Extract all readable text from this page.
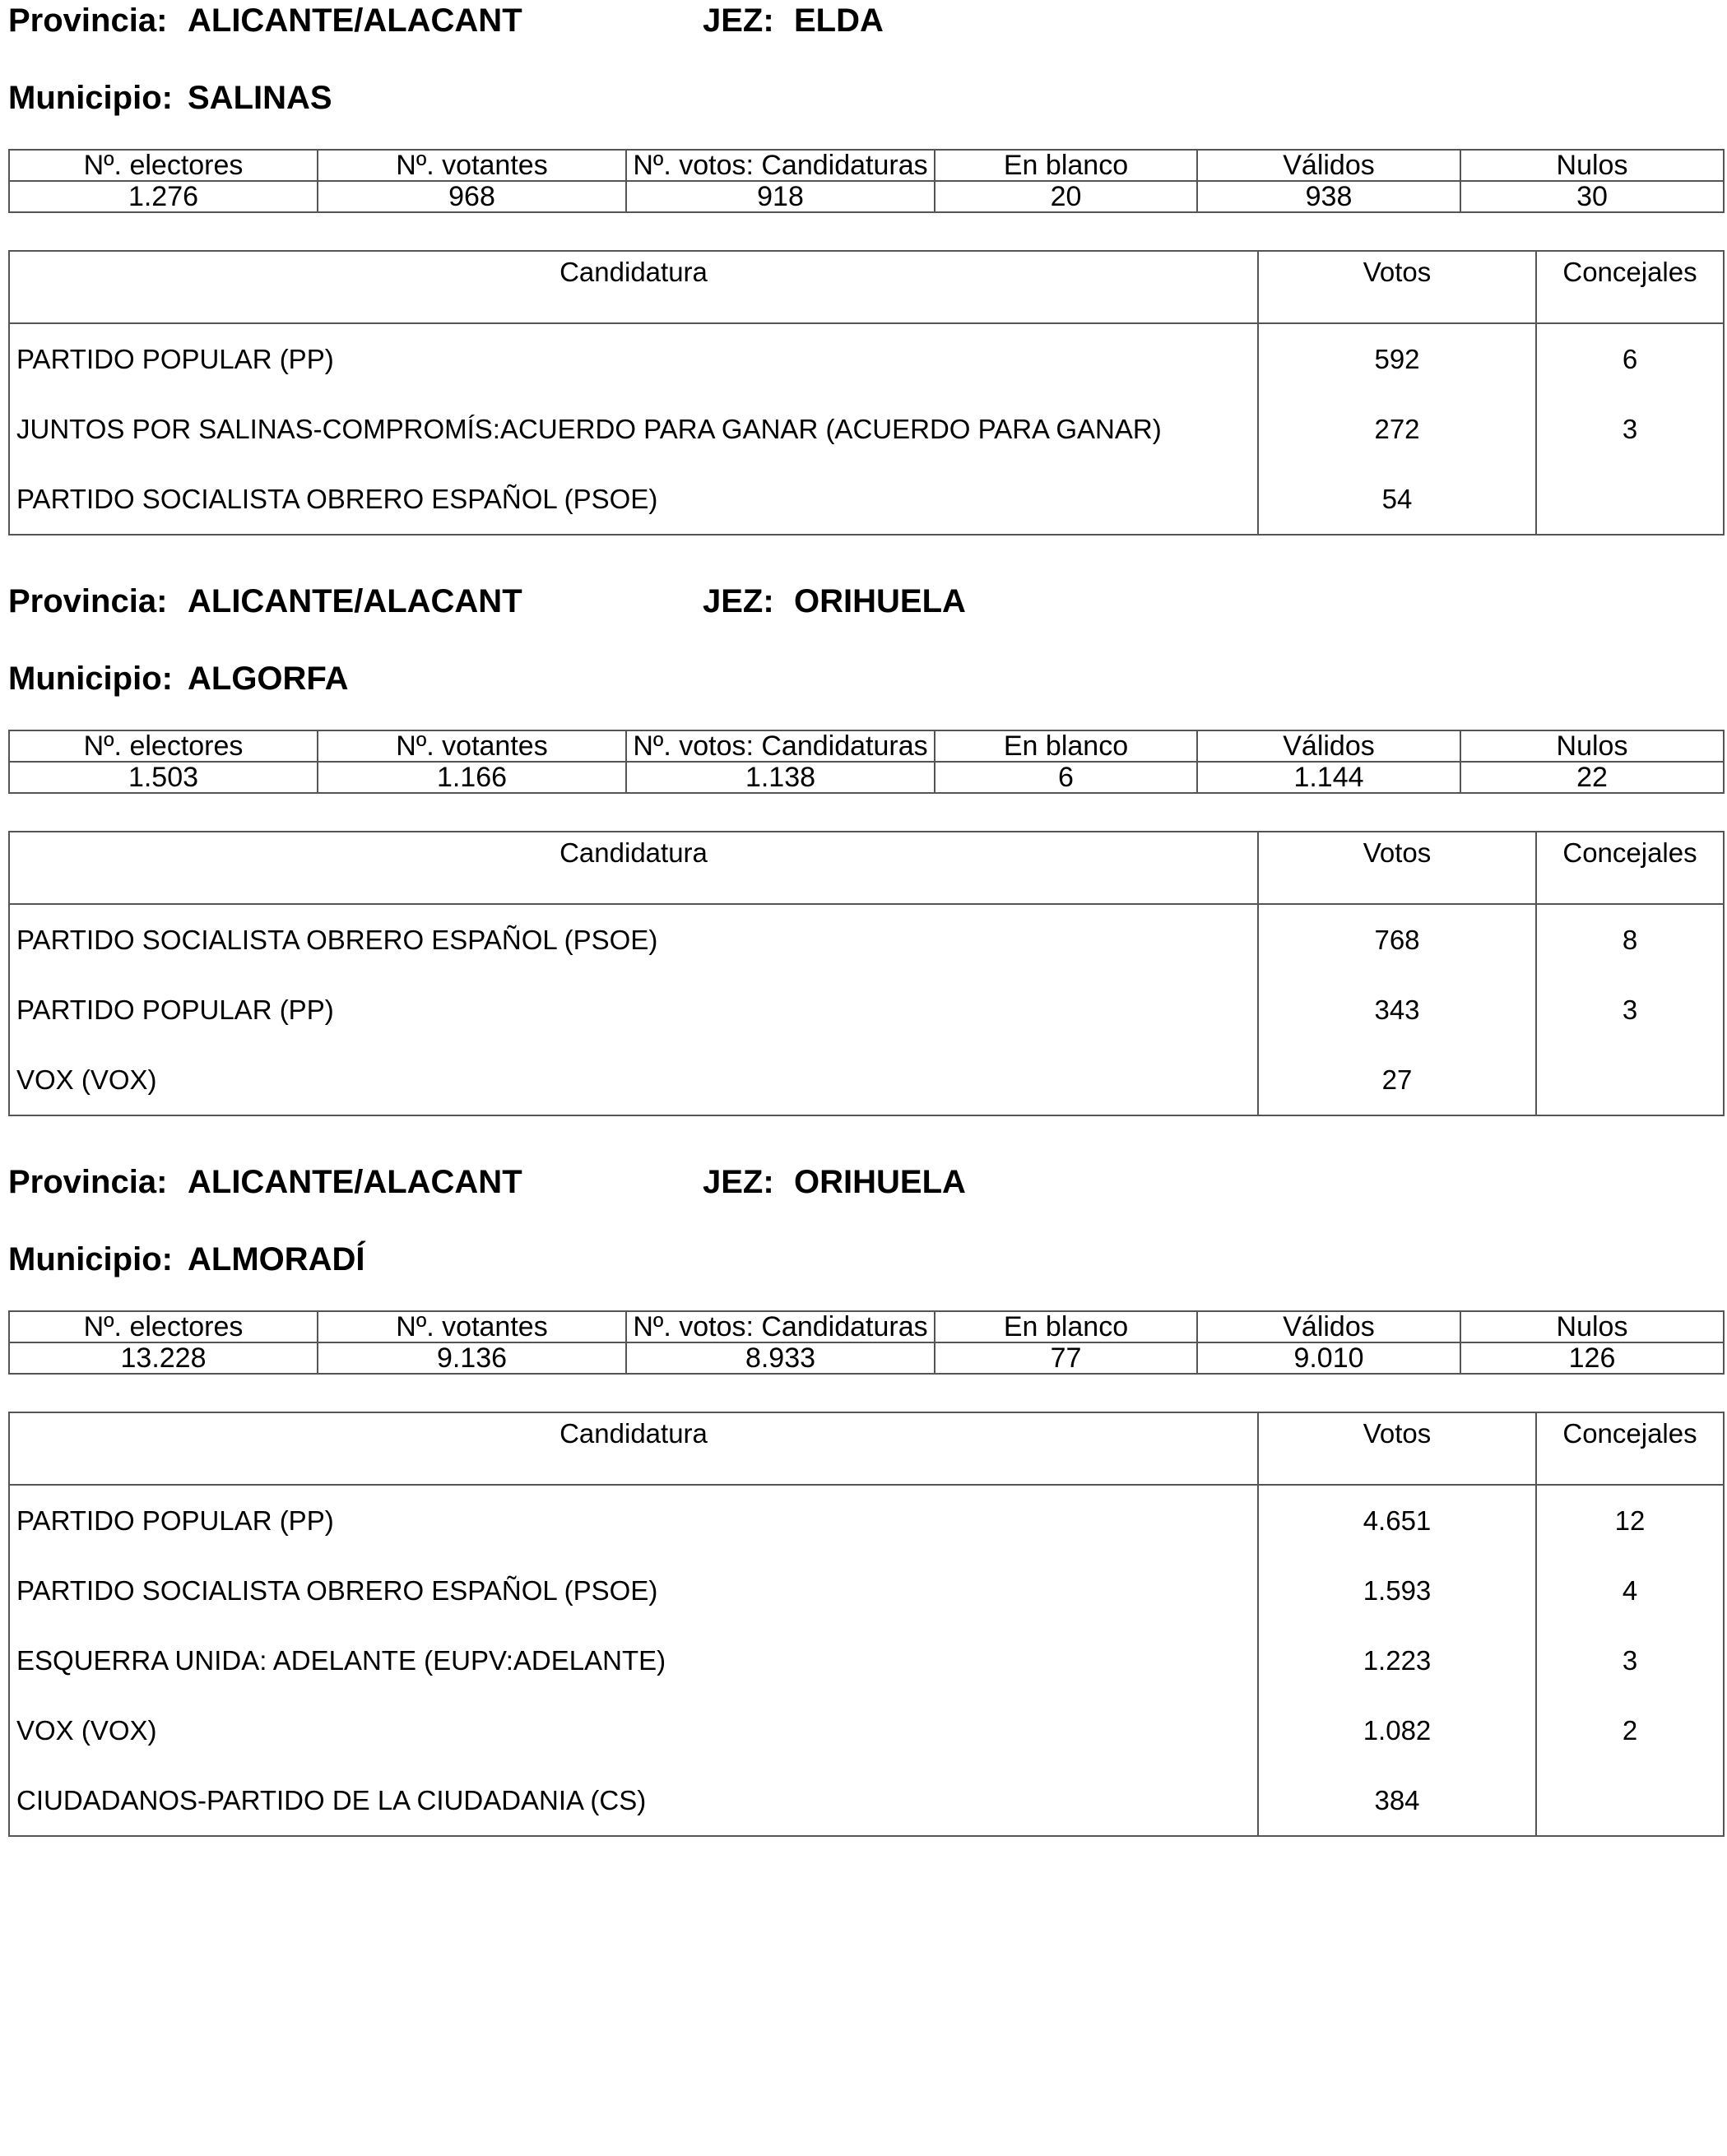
Provincia: ALICANTE/ALACANT	JEZ: ELDA
Municipio: SALINAS
Nº. electores	Nº. votantes	Nº. votos: Candidaturas	En blanco	Válidos	Nulos
1.276	968	918	20	938	30
Candidatura	Votos	Concejales
PARTIDO POPULAR (PP)	592	6
JUNTOS POR SALINAS-COMPROMÍS:ACUERDO PARA GANAR (ACUERDO PARA GANAR)	272	3
PARTIDO SOCIALISTA OBRERO ESPAÑOL (PSOE)	54	
Provincia: ALICANTE/ALACANT	JEZ: ORIHUELA
Municipio: ALGORFA
Nº. electores	Nº. votantes	Nº. votos: Candidaturas	En blanco	Válidos	Nulos
1.503	1.166	1.138	6	1.144	22
Candidatura	Votos	Concejales
PARTIDO SOCIALISTA OBRERO ESPAÑOL (PSOE)	768	8
PARTIDO POPULAR (PP)	343	3
VOX (VOX)	27	
Provincia: ALICANTE/ALACANT	JEZ: ORIHUELA
Municipio: ALMORADÍ
Nº. electores	Nº. votantes	Nº. votos: Candidaturas	En blanco	Válidos	Nulos
13.228	9.136	8.933	77	9.010	126
Candidatura	Votos	Concejales
PARTIDO POPULAR (PP)	4.651	12
PARTIDO SOCIALISTA OBRERO ESPAÑOL (PSOE)	1.593	4
ESQUERRA UNIDA: ADELANTE (EUPV:ADELANTE)	1.223	3
VOX (VOX)	1.082	2
CIUDADANOS-PARTIDO DE LA CIUDADANIA (CS)	384	
